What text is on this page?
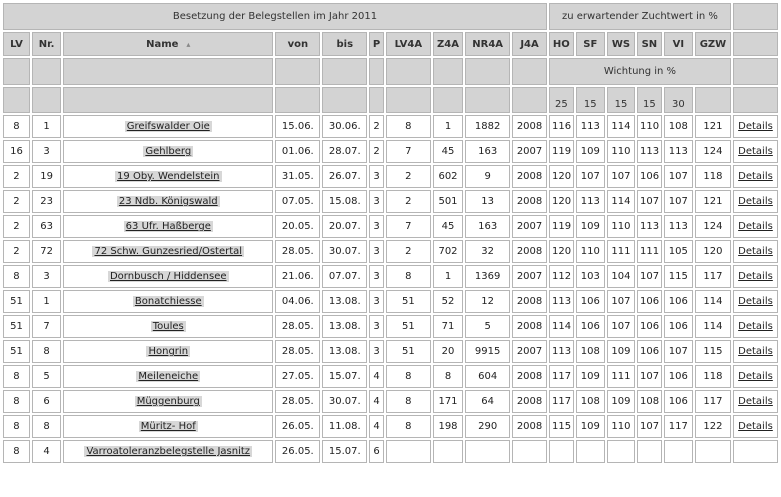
Besetzung der Belegstellen im Jahr 2011										zu erwartender Zuchtwert in %						
LV	Nr.	Name ▴	von	bis	P	LV4A	Z4A	NR4A	J4A	HO	SF	WS	SN	VI	GZW	
										Wichtung in %						
										25	15	15	15	30		
8	1	Greifswalder Oie	15.06.	30.06.	2	8	1	1882	2008	116	113	114	110	108	121	Details
16	3	Gehlberg	01.06.	28.07.	2	7	45	163	2007	119	109	110	113	113	124	Details
2	19	19 Oby. Wendelstein	31.05.	26.07.	3	2	602	9	2008	120	107	107	106	107	118	Details
2	23	23 Ndb. Königswald	07.05.	15.08.	3	2	501	13	2008	120	113	114	107	107	121	Details
2	63	63 Ufr. Haßberge	20.05.	20.07.	3	7	45	163	2007	119	109	110	113	113	124	Details
2	72	72 Schw. Gunzesried/Ostertal	28.05.	30.07.	3	2	702	32	2008	120	110	111	111	105	120	Details
8	3	Dornbusch / Hiddensee	21.06.	07.07.	3	8	1	1369	2007	112	103	104	107	115	117	Details
51	1	Bonatchiesse	04.06.	13.08.	3	51	52	12	2008	113	106	107	106	106	114	Details
51	7	Toules	28.05.	13.08.	3	51	71	5	2008	114	106	107	106	106	114	Details
51	8	Hongrin	28.05.	13.08.	3	51	20	9915	2007	113	108	109	106	107	115	Details
8	5	Meileneiche	27.05.	15.07.	4	8	8	604	2008	117	109	111	107	106	118	Details
8	6	Müggenburg	28.05.	30.07.	4	8	171	64	2008	117	108	109	108	106	117	Details
8	8	Müritz- Hof	26.05.	11.08.	4	8	198	290	2008	115	109	110	107	117	122	Details
8	4	Varroatoleranzbelegstelle Jasnitz	26.05.	15.07.	6											
